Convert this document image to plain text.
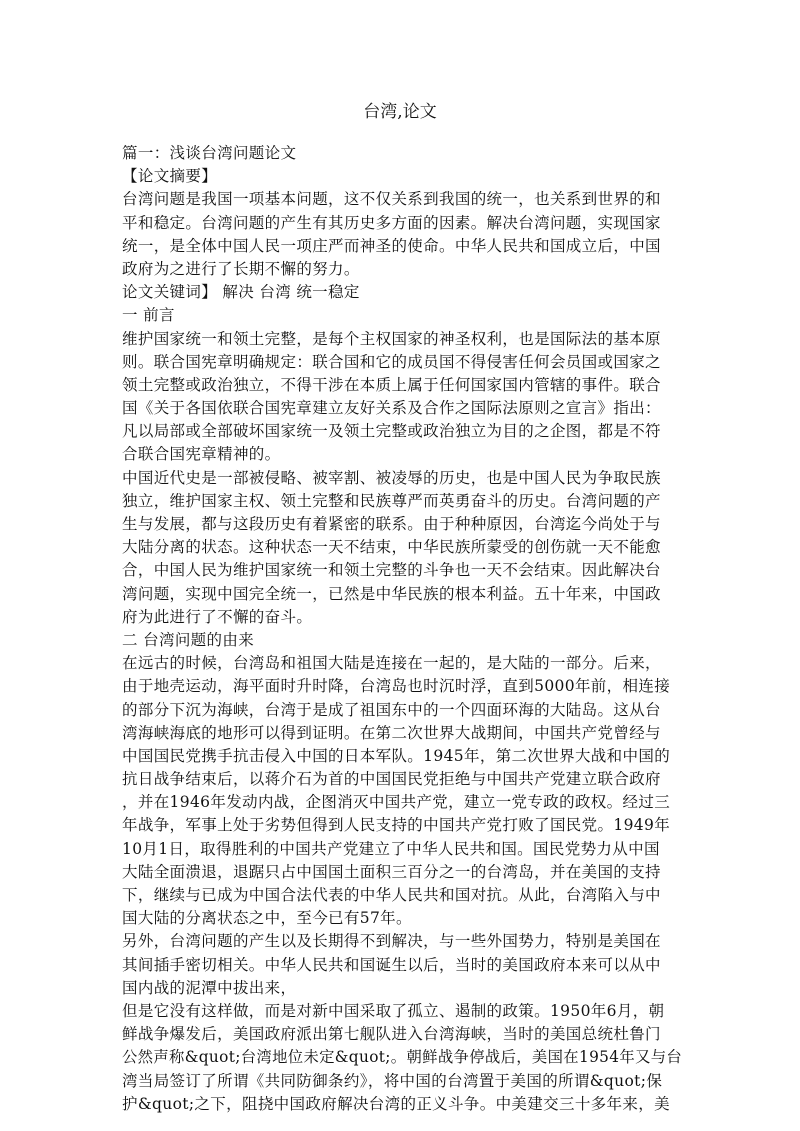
台湾,论文
篇一：浅谈台湾问题论文
【论文摘要】
台湾问题是我国一项基本问题，这不仅关系到我国的统一，也关系到世界的和
平和稳定。台湾问题的产生有其历史多方面的因素。解决台湾问题，实现国家
统一，是全体中国人民一项庄严而神圣的使命。中华人民共和国成立后，中国
政府为之进行了长期不懈的努力。
论文关键词】 解决 台湾 统一稳定
一 前言
维护国家统一和领土完整，是每个主权国家的神圣权利，也是国际法的基本原
则。联合国宪章明确规定：联合国和它的成员国不得侵害任何会员国或国家之
领土完整或政治独立，不得干涉在本质上属于任何国家国内管辖的事件。联合
国《关于各国依联合国宪章建立友好关系及合作之国际法原则之宣言》指出：
凡以局部或全部破坏国家统一及领土完整或政治独立为目的之企图，都是不符
合联合国宪章精神的。
中国近代史是一部被侵略、被宰割、被凌辱的历史，也是中国人民为争取民族
独立，维护国家主权、领土完整和民族尊严而英勇奋斗的历史。台湾问题的产
生与发展，都与这段历史有着紧密的联系。由于种种原因，台湾迄今尚处于与
大陆分离的状态。这种状态一天不结束，中华民族所蒙受的创伤就一天不能愈
合，中国人民为维护国家统一和领土完整的斗争也一天不会结束。因此解决台
湾问题，实现中国完全统一，已然是中华民族的根本利益。五十年来，中国政
府为此进行了不懈的奋斗。
二 台湾问题的由来
在远古的时候，台湾岛和祖国大陆是连接在一起的，是大陆的一部分。后来，
由于地壳运动，海平面时升时降，台湾岛也时沉时浮，直到5000年前，相连接
的部分下沉为海峡，台湾于是成了祖国东中的一个四面环海的大陆岛。这从台
湾海峡海底的地形可以得到证明。在第二次世界大战期间，中国共产党曾经与
中国国民党携手抗击侵入中国的日本军队。1945年，第二次世界大战和中国的
抗日战争结束后，以蒋介石为首的中国国民党拒绝与中国共产党建立联合政府
，并在1946年发动内战，企图消灭中国共产党，建立一党专政的政权。经过三
年战争，军事上处于劣势但得到人民支持的中国共产党打败了国民党。1949年
10月1日，取得胜利的中国共产党建立了中华人民共和国。国民党势力从中国
大陆全面溃退，退踞只占中国国土面积三百分之一的台湾岛，并在美国的支持
下，继续与已成为中国合法代表的中华人民共和国对抗。从此，台湾陷入与中
国大陆的分离状态之中，至今已有57年。
另外，台湾问题的产生以及长期得不到解决，与一些外国势力，特别是美国在
其间插手密切相关。中华人民共和国诞生以后，当时的美国政府本来可以从中
国内战的泥潭中拔出来，
但是它没有这样做，而是对新中国采取了孤立、遏制的政策。1950年6月，朝
鲜战争爆发后，美国政府派出第七舰队进入台湾海峡，当时的美国总统杜鲁门
公然声称&quot;台湾地位未定&quot;。朝鲜战争停战后，美国在1954年又与台
湾当局签订了所谓《共同防御条约》，将中国的台湾置于美国的所谓&quot;保
护&quot;之下，阻挠中国政府解决台湾的正义斗争。中美建交三十多年来，美
